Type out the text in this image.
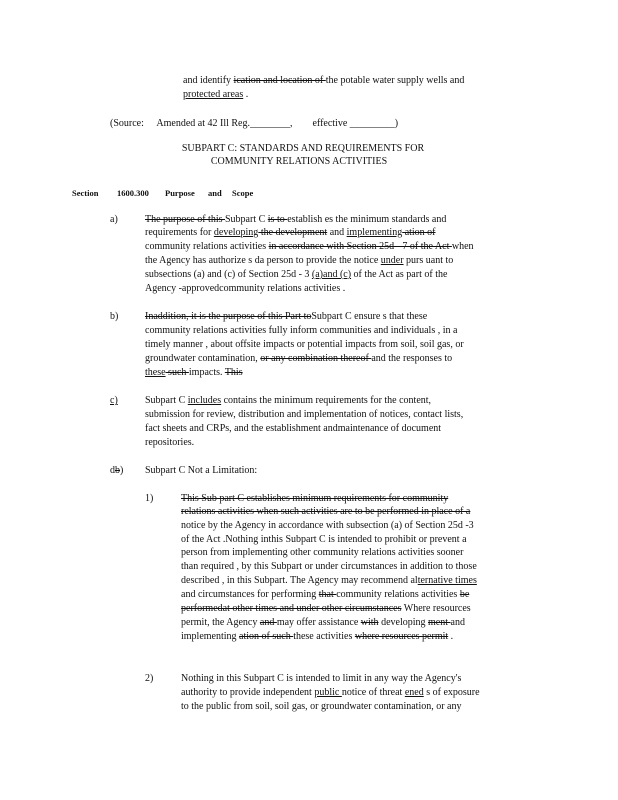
and identify ication and location of the potable water supply wells and
protected areas .
(Source: Amended at 42 Ill Reg.________, effective _________)
SUBPART C: STANDARDS AND REQUIREMENTS FOR
COMMUNITY RELATIONS ACTIVITIES
Section 1600.300 Purpose and Scope
a)	The purpose of this Subpart C is to establish es the minimum standards and
requirements for developing the development and implementing ation of
community relations activities in accordance with Section 25d - 7 of the Act when
the Agency has authorize s da person to provide the notice under purs uant to
subsections (a) and (c) of Section 25d - 3 (a)and (c) of the Act as part of the
Agency -approvedcommunity relations activities .
b)	Inaddition, it is the purpose of this Part toSubpart C ensure s that these
community relations activities fully inform communities and individuals , in a
timely manner , about offsite impacts or potential impacts from soil, soil gas, or
groundwater contamination, or any combination thereof and the responses to
these such impacts. This
c)	Subpart C includes contains the minimum requirements for the content,
submission for review, distribution and implementation of notices, contact lists,
fact sheets and CRPs, and the establishment andmaintenance of document
repositories.
db) Subpart C Not a Limitation:
1)	This Sub part C establishes minimum requirements for community
relations activities when such activities are to be performed in place of a
notice by the Agency in accordance with subsection (a) of Section 25d -3
of the Act .Nothing inthis Subpart C is intended to prohibit or prevent a
person from implementing other community relations activities sooner
than required , by this Subpart or under circumstances in addition to those
described , in this Subpart. The Agency may recommend alternative times
and circumstances for performing that community relations activities be
performedat other times and under other circumstances Where resources
permit, the Agency and may offer assistance with developing ment and
implementing ation of such these activities where resources permit .
2)	Nothing in this Subpart C is intended to limit in any way the Agency's
authority to provide independent public notice of threat ened s of exposure
to the public from soil, soil gas, or groundwater contamination, or any
